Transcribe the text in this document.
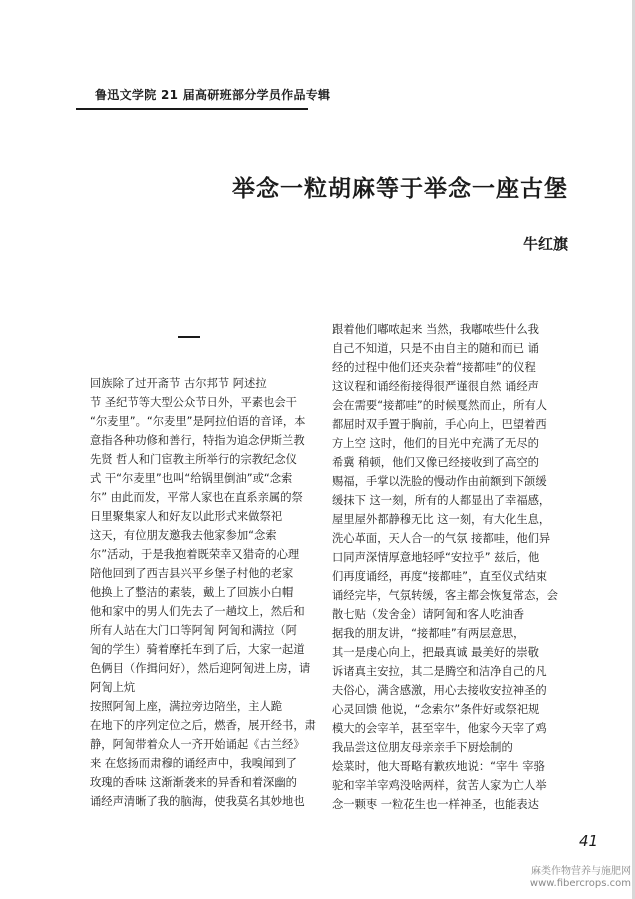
鲁迅文学院 21 届高研班部分学员作品专辑
举念一粒胡麻等于举念一座古堡
牛红旗
回族除了过开斋节 古尔邦节 阿述拉
节 圣纪节等大型公众节日外，平素也会干
“尔麦里”。“尔麦里”是阿拉伯语的音译，本
意指各种功修和善行，特指为追念伊斯兰教
先贤 哲人和门宦教主所举行的宗教纪念仪
式 干“尔麦里”也叫“给锅里倒油”或“念索
尔” 由此而发，平常人家也在直系亲属的祭
日里聚集家人和好友以此形式来做祭祀
这天，有位朋友邀我去他家参加“念索
尔”活动，于是我抱着既荣幸又猎奇的心理
陪他回到了西吉县兴平乡堡子村他的老家
他换上了整洁的素装，戴上了回族小白帽
他和家中的男人们先去了一趟坟上，然后和
所有人站在大门口等阿訇 阿訇和满拉（阿
訇的学生）骑着摩托车到了后，大家一起道
色俩目（作揖问好），然后迎阿訇进上房，请
阿訇上炕
按照阿訇上座，满拉旁边陪坐，主人跪
在地下的序列定位之后，燃香，展开经书，肃
静，阿訇带着众人一齐开始诵起《古兰经》
来 在悠扬而肃穆的诵经声中，我嗅闻到了
玫瑰的香味 这渐渐袭来的异香和着深幽的
诵经声清晰了我的脑海，使我莫名其妙地也
跟着他们嘟哝起来 当然，我嘟哝些什么我
自己不知道，只是不由自主的随和而已 诵
经的过程中他们还夹杂着“接都哇”的仪程
这议程和诵经衔接得很严谨很自然 诵经声
会在需要“接都哇”的时候戛然而止，所有人
都屈时双手置于胸前，手心向上，巴望着西
方上空 这时，他们的目光中充满了无尽的
希冀 稍顿，他们又像已经接收到了高空的
赐福，手掌以洗脸的慢动作由前额到下颌缓
缓抹下 这一刻，所有的人都显出了幸福感，
屋里屋外都静穆无比 这一刻，有大化生息，
洗心革面，天人合一的气氛 接都哇，他们异
口同声深情厚意地轻呼“安拉乎” 兹后，他
们再度诵经，再度“接都哇”，直至仪式结束
诵经完毕，气氛转缓，客主都会恢复常态，会
散七贴（发舍金）请阿訇和客人吃油香
据我的朋友讲，“接都哇”有两层意思，
其一是虔心向上，把最真诚 最美好的崇敬
诉诸真主安拉，其二是腾空和洁净自己的凡
夫俗心，满含感激，用心去接收安拉神圣的
心灵回馈 他说，“念索尔”条件好或祭祀规
模大的会宰羊，甚至宰牛，他家今天宰了鸡
我品尝这位朋友母亲亲手下厨烩制的
烩菜时，他大哥略有歉疚地说：“宰牛 宰骆
驼和宰羊宰鸡没啥两样，贫苦人家为亡人举
念一颗枣 一粒花生也一样神圣，也能表达
41
麻类作物营养与施肥网
www.fibercrops.com
